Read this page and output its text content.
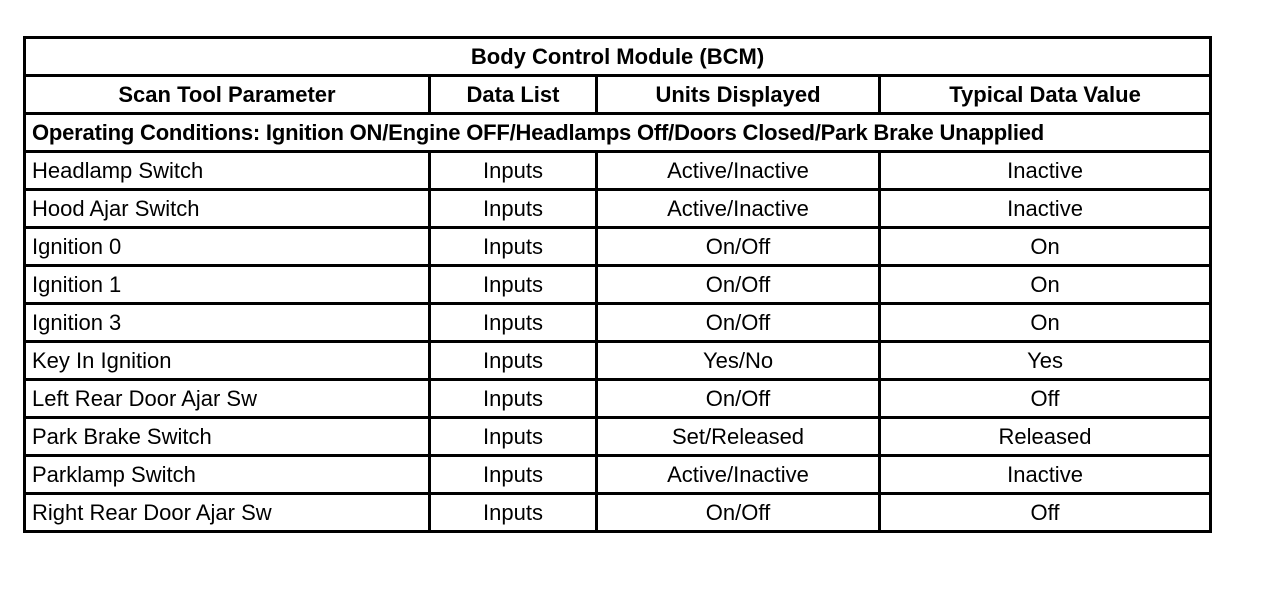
Body Control Module (BCM)			
Scan Tool Parameter	Data List	Units Displayed	Typical Data Value
Operating Conditions: Ignition ON/Engine OFF/Headlamps Off/Doors Closed/Park Brake Unapplied			
Headlamp Switch	Inputs	Active/Inactive	Inactive
Hood Ajar Switch	Inputs	Active/Inactive	Inactive
Ignition 0	Inputs	On/Off	On
Ignition 1	Inputs	On/Off	On
Ignition 3	Inputs	On/Off	On
Key In Ignition	Inputs	Yes/No	Yes
Left Rear Door Ajar Sw	Inputs	On/Off	Off
Park Brake Switch	Inputs	Set/Released	Released
Parklamp Switch	Inputs	Active/Inactive	Inactive
Right Rear Door Ajar Sw	Inputs	On/Off	Off
